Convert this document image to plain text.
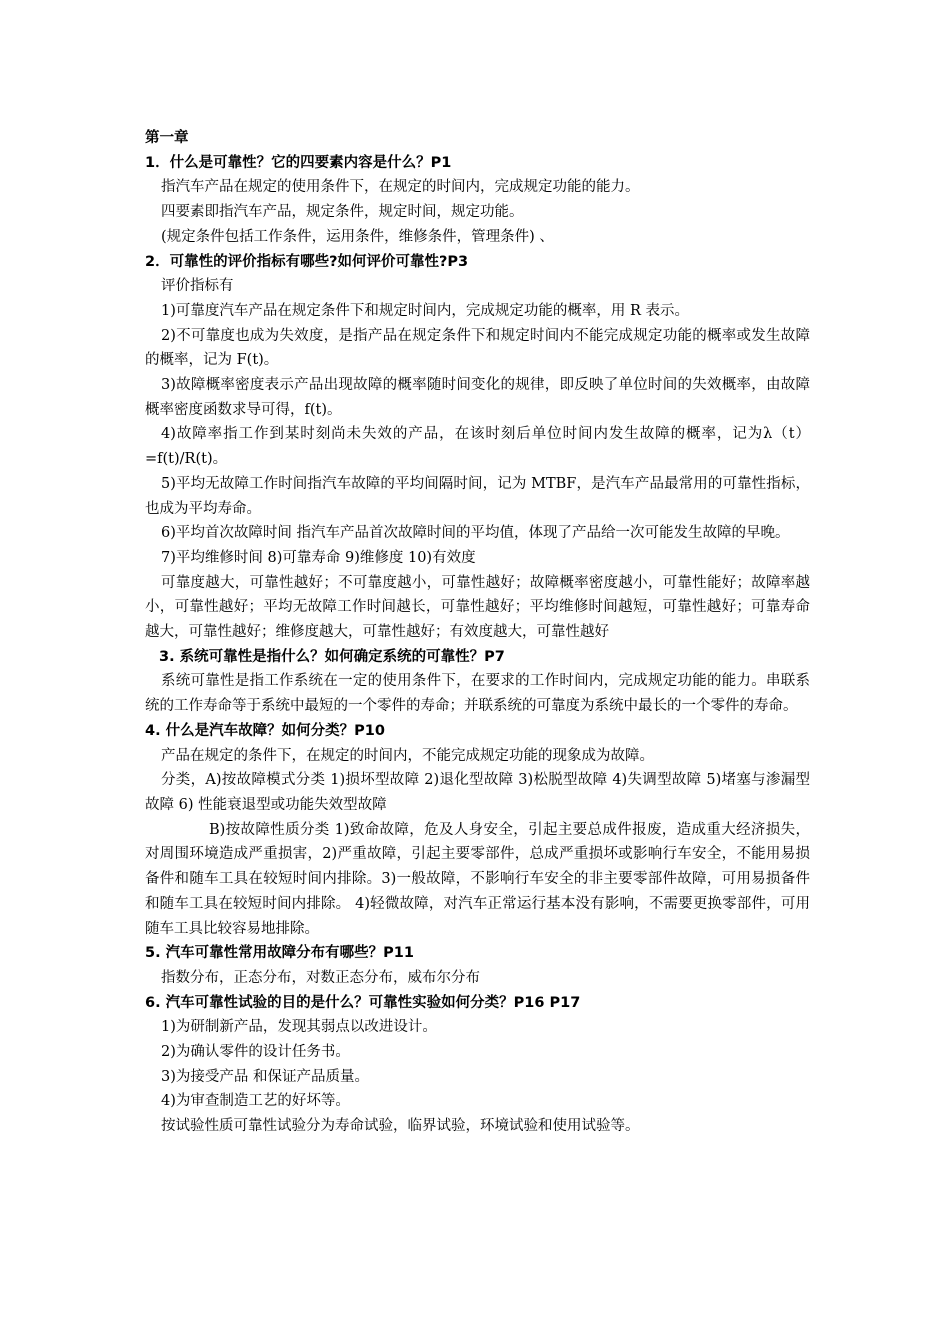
第一章

1．什么是可靠性？它的四要素内容是什么？P1

指汽车产品在规定的使用条件下，在规定的时间内，完成规定功能的能力。

四要素即指汽车产品，规定条件，规定时间，规定功能。

(规定条件包括工作条件，运用条件，维修条件，管理条件) 、

2．可靠性的评价指标有哪些?如何评价可靠性?P3

评价指标有

1)可靠度汽车产品在规定条件下和规定时间内，完成规定功能的概率，用 R 表示。

2)不可靠度也成为失效度，是指产品在规定条件下和规定时间内不能完成规定功能的概率或发生故障的概率，记为 F(t)。

3)故障概率密度表示产品出现故障的概率随时间变化的规律，即反映了单位时间的失效概率，由故障概率密度函数求导可得，f(t)。

4)故障率指工作到某时刻尚未失效的产品，在该时刻后单位时间内发生故障的概率，记为λ（t）=f(t)/R(t)。

5)平均无故障工作时间指汽车故障的平均间隔时间，记为 MTBF，是汽车产品最常用的可靠性指标，也成为平均寿命。

6)平均首次故障时间 指汽车产品首次故障时间的平均值，体现了产品给一次可能发生故障的早晚。

7)平均维修时间 8)可靠寿命 9)维修度 10)有效度

可靠度越大，可靠性越好；不可靠度越小，可靠性越好；故障概率密度越小，可靠性能好；故障率越小，可靠性越好；平均无故障工作时间越长，可靠性越好；平均维修时间越短，可靠性越好；可靠寿命越大，可靠性越好；维修度越大，可靠性越好；有效度越大，可靠性越好

3. 系统可靠性是指什么？如何确定系统的可靠性？P7

系统可靠性是指工作系统在一定的使用条件下，在要求的工作时间内，完成规定功能的能力。串联系统的工作寿命等于系统中最短的一个零件的寿命；并联系统的可靠度为系统中最长的一个零件的寿命。

4. 什么是汽车故障？如何分类？P10

产品在规定的条件下，在规定的时间内，不能完成规定功能的现象成为故障。

分类，A)按故障模式分类 1)损坏型故障 2)退化型故障 3)松脱型故障 4)失调型故障 5)堵塞与渗漏型故障 6) 性能衰退型或功能失效型故障

B)按故障性质分类 1)致命故障，危及人身安全，引起主要总成件报废，造成重大经济损失，对周围环境造成严重损害，2)严重故障，引起主要零部件，总成严重损坏或影响行车安全，不能用易损备件和随车工具在较短时间内排除。3)一般故障，不影响行车安全的非主要零部件故障，可用易损备件和随车工具在较短时间内排除。 4)轻微故障，对汽车正常运行基本没有影响，不需要更换零部件，可用随车工具比较容易地排除。

5. 汽车可靠性常用故障分布有哪些？P11

指数分布，正态分布，对数正态分布，威布尔分布

6. 汽车可靠性试验的目的是什么？可靠性实验如何分类？P16 P17

1)为研制新产品，发现其弱点以改进设计。

2)为确认零件的设计任务书。

3)为接受产品 和保证产品质量。

4)为审查制造工艺的好坏等。

按试验性质可靠性试验分为寿命试验，临界试验，环境试验和使用试验等。
